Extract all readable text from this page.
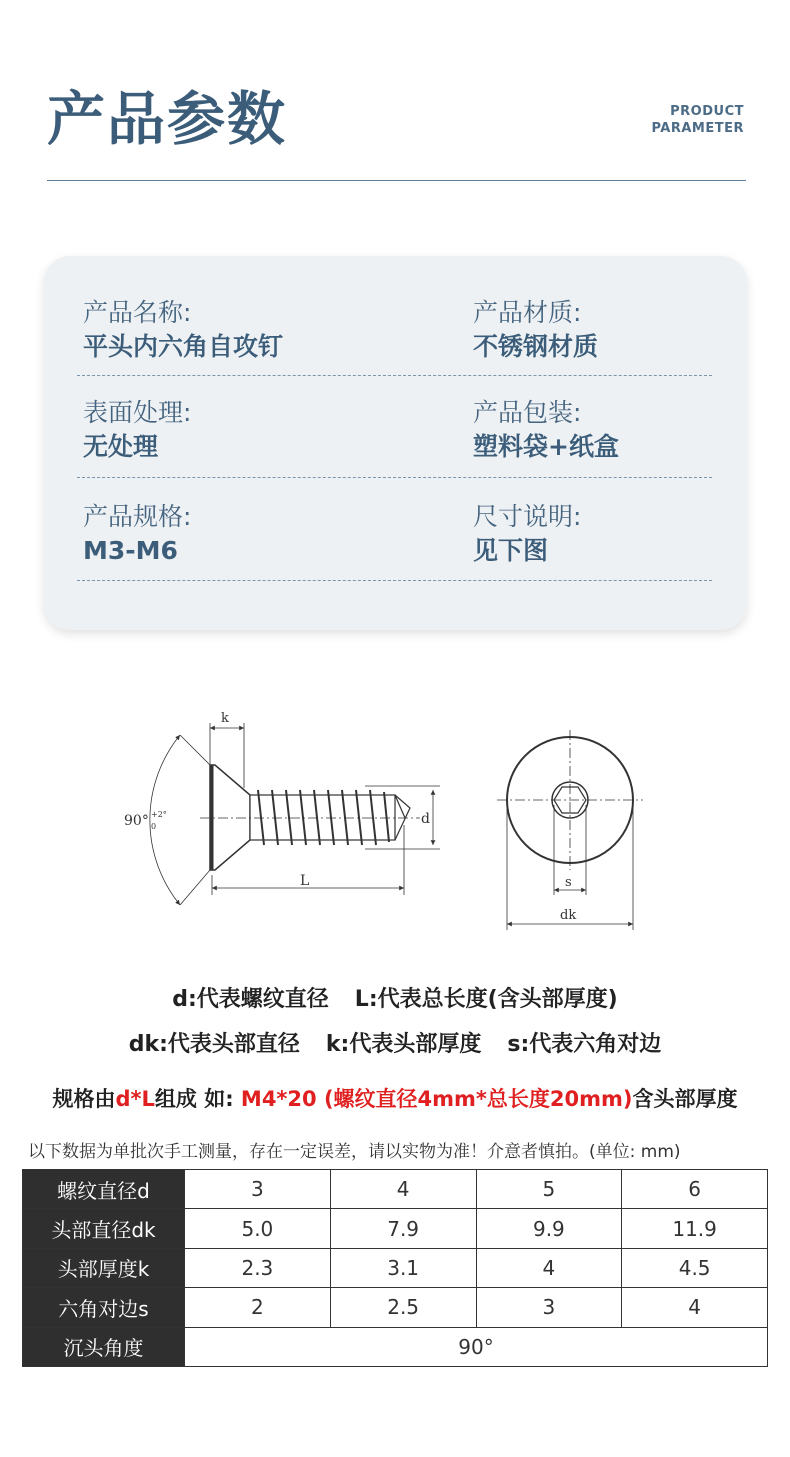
产品参数	PRODUCT
PARAMETER
产品名称:
平头内六角自攻钉
产品材质:
不锈钢材质
表面处理:
无处理
产品包装:
塑料袋+纸盒
产品规格:
M3-M6
尺寸说明:
见下图
k
d
L
90° +2°
0
s
dk
d:代表螺纹直径 L:代表总长度(含头部厚度)
dk:代表头部直径 k:代表头部厚度 s:代表六角对边
规格由d*L组成 如: M4*20 (螺纹直径4mm*总长度20mm)含头部厚度
以下数据为单批次手工测量，存在一定误差，请以实物为准！介意者慎拍。(单位: mm)
螺纹直径d	3	4	5	6
头部直径dk	5.0	7.9	9.9	11.9
头部厚度k	2.3	3.1	4	4.5
六角对边s	2	2.5	3	4
沉头角度	90°			
